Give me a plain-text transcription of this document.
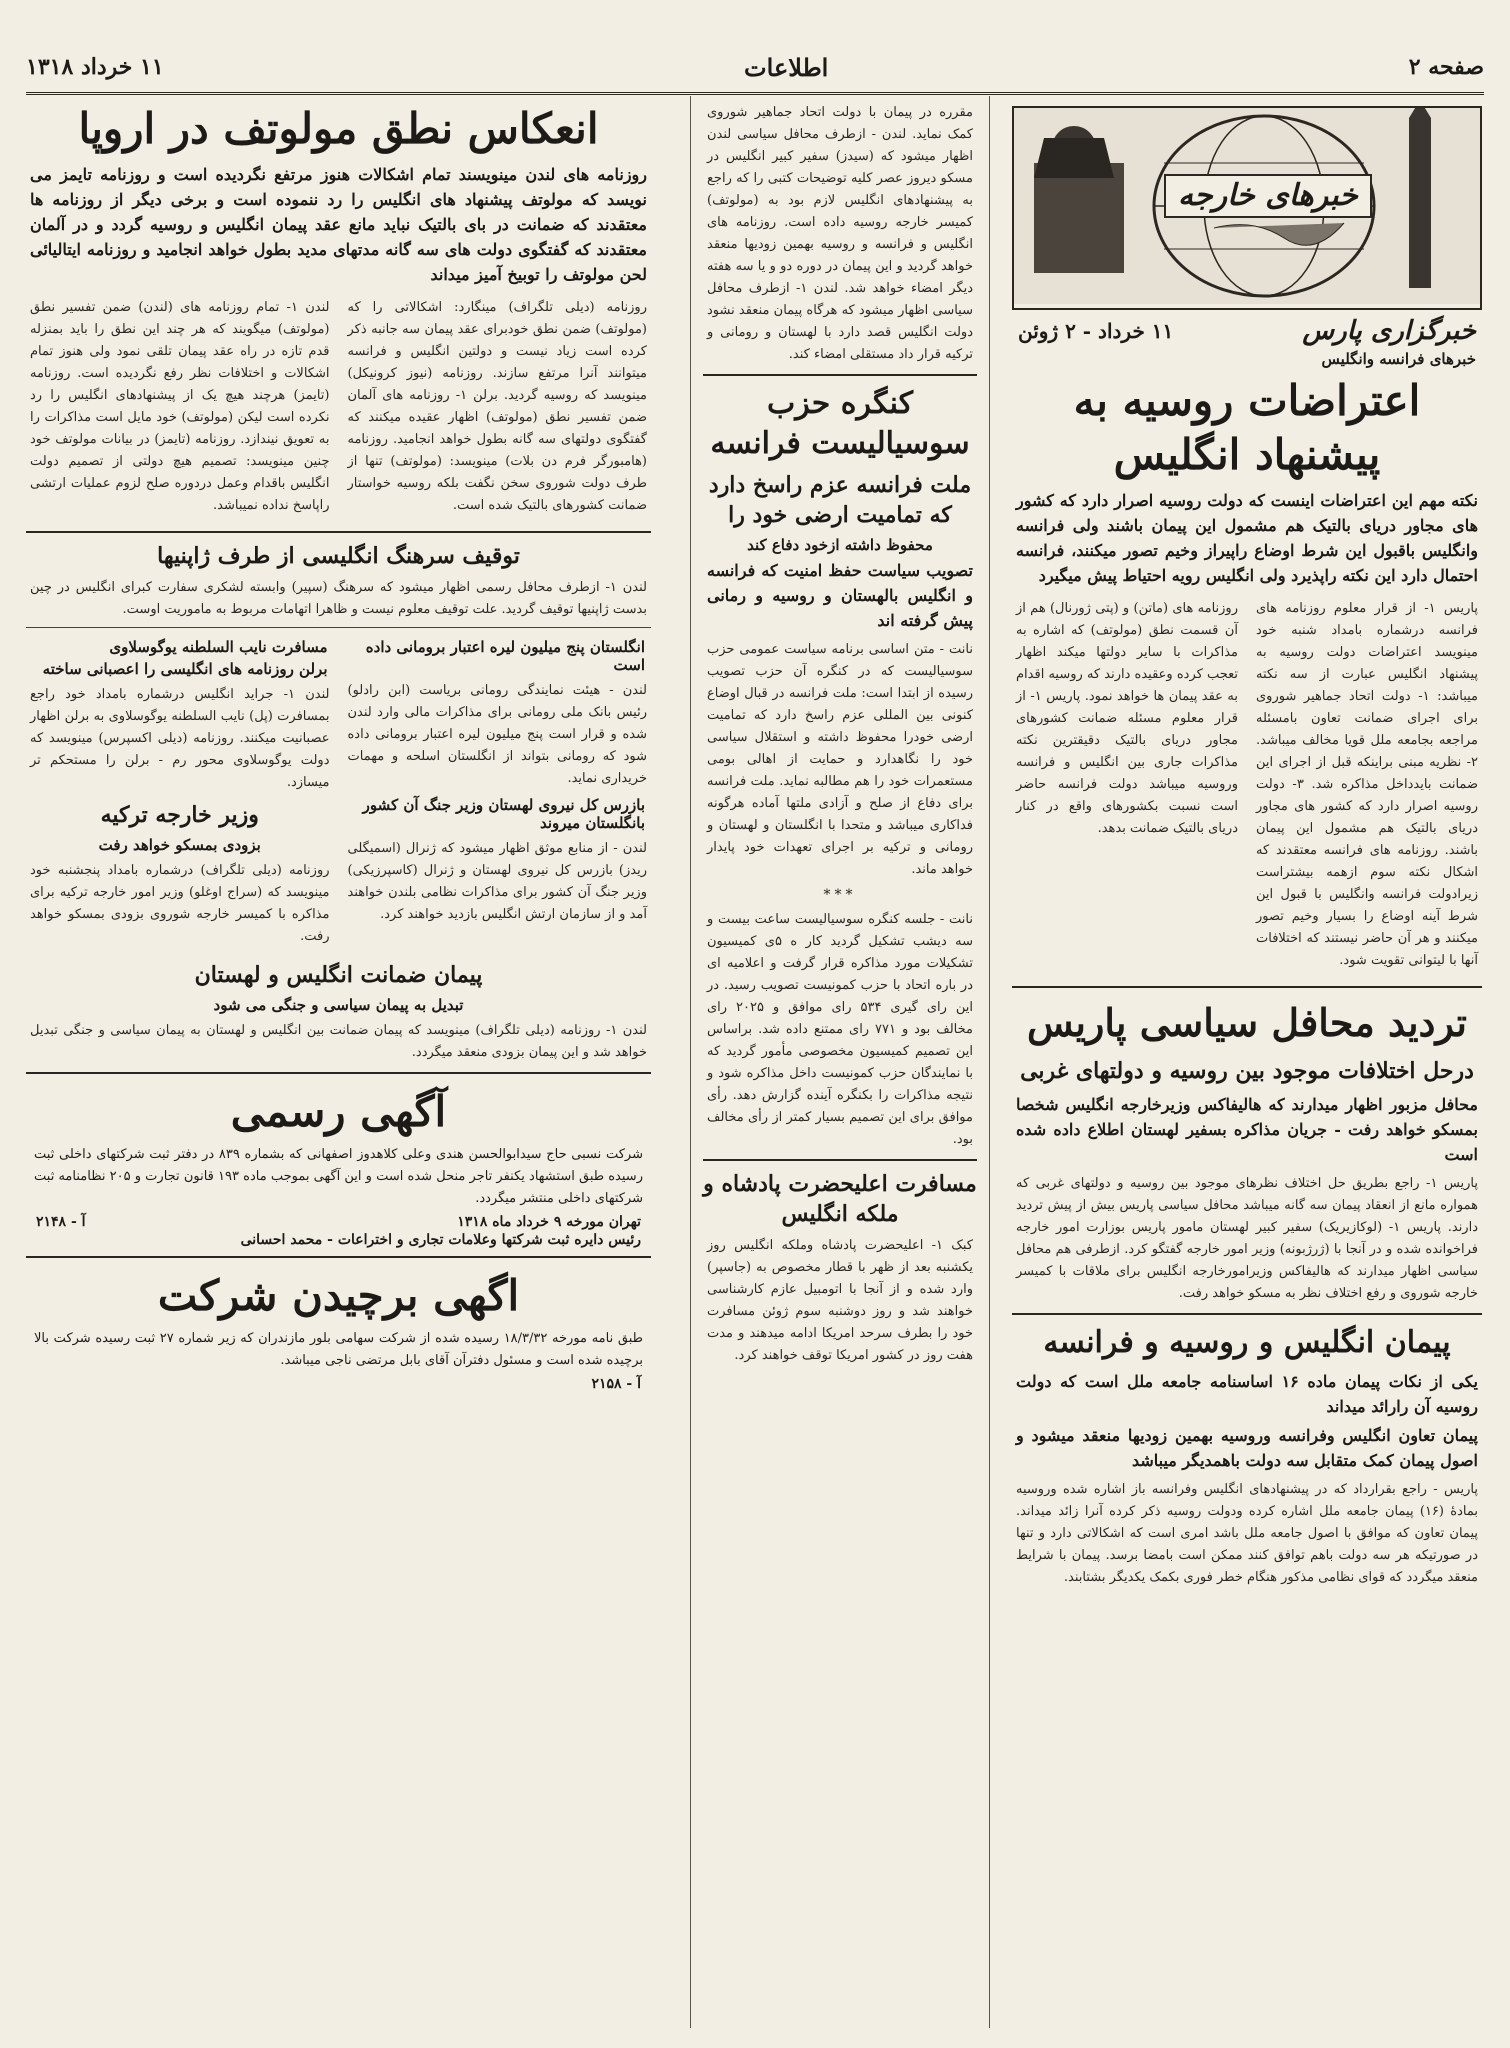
صفحه ۲
اطلاعات
۱۱ خرداد ۱۳۱۸
خبرهای خارجه
خبرگزاری پارس
۱۱ خرداد - ۲ ژوئن
خبرهای فرانسه وانگلیس
اعتراضات روسیه به پیشنهاد انگلیس
نکته مهم این اعتراضات اینست که دولت روسیه اصرار دارد که کشور های مجاور دریای بالتیک هم مشمول این پیمان باشند ولی فرانسه وانگلیس باقبول این شرط اوضاع راپیراز وخیم تصور میکنند، فرانسه احتمال دارد این نکته راپذیرد ولی انگلیس رویه احتیاط پیش میگیرد
پاریس ۱- از قرار معلوم روزنامه های فرانسه درشماره بامداد شنبه خود مینویسد اعتراضات دولت روسیه به پیشنهاد انگلیس عبارت از سه نکته میباشد: ۱- دولت اتحاد جماهیر شوروی برای اجرای ضمانت تعاون بامسئله مراجعه بجامعه ملل قویا مخالف میباشد. ۲- نظریه مبنی براینکه قبل از اجرای این ضمانت بایدداخل مذاکره شد. ۳- دولت روسیه اصرار دارد که کشور های مجاور دریای بالتیک هم مشمول این پیمان باشند. روزنامه های فرانسه معتقدند که اشکال نکته سوم ازهمه بیشتراست زیرادولت فرانسه وانگلیس با قبول این شرط آینه اوضاع را بسیار وخیم تصور میکنند و هر آن حاضر نیستند که اختلافات آنها با لیتوانی تقویت شود.
روزنامه های (ماتن) و (پتی ژورنال) هم از آن قسمت نطق (مولوتف) که اشاره به مذاکرات با سایر دولتها میکند اظهار تعجب کرده وعقیده دارند که روسیه اقدام به عقد پیمان ها خواهد نمود. پاریس ۱- از قرار معلوم مسئله ضمانت کشورهای مجاور دریای بالتیک دقیقترین نکته مذاکرات جاری بین انگلیس و فرانسه وروسیه میباشد دولت فرانسه حاضر است نسبت بکشورهای واقع در کنار دریای بالتیک ضمانت بدهد.
تردید محافل سیاسی پاریس
درحل اختلافات موجود بین روسیه و دولتهای غربی
محافل مزبور اظهار میدارند که هالیفاکس وزیرخارجه انگلیس شخصا بمسکو خواهد رفت - جریان مذاکره بسفیر لهستان اطلاع داده شده است
پاریس ۱- راجع بطریق حل اختلاف نظرهای موجود بین روسیه و دولتهای غربی که همواره مانع از انعقاد پیمان سه گانه میباشد محافل سیاسی پاریس بیش از پیش تردید دارند. پاریس ۱- (لوکازیریک) سفیر کبیر لهستان مامور پاریس بوزارت امور خارجه فراخوانده شده و در آنجا با (ژرژبونه) وزیر امور خارجه گفتگو کرد. ازطرفی هم محافل سیاسی اظهار میدارند که هالیفاکس وزیرامورخارجه انگلیس برای ملاقات با کمیسر خارجه شوروی و رفع اختلاف نظر به مسکو خواهد رفت.
پیمان انگلیس و روسیه و فرانسه
یکی از نکات پیمان ماده ۱۶ اساسنامه جامعه ملل است که دولت روسیه آن رارائد میداند
پیمان تعاون انگلیس وفرانسه وروسیه بهمین زودیها منعقد میشود و اصول پیمان کمک متقابل سه دولت باهمدیگر میباشد
پاریس - راجع بقرارداد که در پیشنهادهای انگلیس وفرانسه باز اشاره شده وروسیه بمادهٔ (۱۶) پیمان جامعه ملل اشاره کرده ودولت روسیه ذکر کرده آنرا زائد میداند. پیمان تعاون که موافق با اصول جامعه ملل باشد امری است که اشکالاتی دارد و تنها در صورتیکه هر سه دولت باهم توافق کنند ممکن است بامضا برسد. پیمان با شرایط منعقد میگردد که قوای نظامی مذکور هنگام خطر فوری بکمک یکدیگر بشتابند.
مقرره در پیمان با دولت اتحاد جماهیر شوروی کمک نماید. لندن - ازطرف محافل سیاسی لندن اظهار میشود که (سیدز) سفیر کبیر انگلیس در مسکو دیروز عصر کلیه توضیحات کتبی را که راجع به پیشنهادهای انگلیس لازم بود به (مولوتف) کمیسر خارجه روسیه داده است. روزنامه های انگلیس و فرانسه و روسیه بهمین زودیها منعقد خواهد گردید و این پیمان در دوره دو و یا سه هفته دیگر امضاء خواهد شد. لندن ۱- ازطرف محافل سیاسی اظهار میشود که هرگاه پیمان منعقد نشود دولت انگلیس قصد دارد با لهستان و رومانی و ترکیه قرار داد مستقلی امضاء کند.
کنگره حزب سوسیالیست فرانسه
ملت فرانسه عزم راسخ دارد که تمامیت ارضی خود را
محفوظ داشته ازخود دفاع کند
تصویب سیاست حفظ امنیت که فرانسه و انگلیس بالهستان و روسیه و رمانی پیش گرفته اند
نانت - متن اساسی برنامه سیاست عمومی حزب سوسیالیست که در کنگره آن حزب تصویب رسیده از ابتدا است: ملت فرانسه در قبال اوضاع کنونی بین المللی عزم راسخ دارد که تمامیت ارضی خودرا محفوظ داشته و استقلال سیاسی خود را نگاهدارد و حمایت از اهالی بومی مستعمرات خود را هم مطالبه نماید. ملت فرانسه برای دفاع از صلح و آزادی ملتها آماده هرگونه فداکاری میباشد و متحدا با انگلستان و لهستان و رومانی و ترکیه بر اجرای تعهدات خود پایدار خواهد ماند.
***
نانت - جلسه کنگره سوسیالیست ساعت بیست و سه دیشب تشکیل گردید کار ه ۵ی کمیسیون تشکیلات مورد مذاکره قرار گرفت و اعلامیه ای در باره اتحاد با حزب کمونیست تصویب رسید. در این رای گیری ۵۳۴ رای موافق و ۲۰۲۵ رای مخالف بود و ۷۷۱ رای ممتنع داده شد. براساس این تصمیم کمیسیون مخصوصی مأمور گردید که با نمایندگان حزب کمونیست داخل مذاکره شود و نتیجه مذاکرات را بکنگره آینده گزارش دهد. رأی موافق برای این تصمیم بسیار کمتر از رأی مخالف بود.
مسافرت اعلیحضرت پادشاه و ملکه انگلیس
کبک ۱- اعلیحضرت پادشاه وملکه انگلیس روز یکشنبه بعد از ظهر با قطار مخصوص به (جاسپر) وارد شده و از آنجا با اتومبیل عازم کارشناسی خواهند شد و روز دوشنبه سوم ژوئن مسافرت خود را بطرف سرحد امریکا ادامه میدهند و مدت هفت روز در کشور امریکا توقف خواهند کرد.
انعکاس نطق مولوتف در اروپا
روزنامه های لندن مینویسند تمام اشکالات هنوز مرتفع نگردیده است و روزنامه تایمز می نویسد که مولوتف پیشنهاد های انگلیس را رد ننموده است و برخی دیگر از روزنامه ها معتقدند که ضمانت در بای بالتیک نباید مانع عقد پیمان انگلیس و روسیه گردد و در آلمان معتقدند که گفتگوی دولت های سه گانه مدتهای مدید بطول خواهد انجامید و روزنامه ایتالیائی لحن مولوتف را توبیخ آمیز میداند
روزنامه (دیلی تلگراف) مینگارد: اشکالاتی را که (مولوتف) ضمن نطق خودبرای عقد پیمان سه جانبه ذکر کرده است زیاد نیست و دولتین انگلیس و فرانسه میتوانند آنرا مرتفع سازند. روزنامه (نیوز کرونیکل) مینویسد که روسیه گردید. برلن ۱- روزنامه های آلمان ضمن تفسیر نطق (مولوتف) اظهار عقیده میکنند که گفتگوی دولتهای سه گانه بطول خواهد انجامید. روزنامه (هامبورگر فرم دن بلات) مینویسد: (مولوتف) تنها از طرف دولت شوروی سخن نگفت بلکه روسیه خواستار ضمانت کشورهای بالتیک شده است.
لندن ۱- تمام روزنامه های (لندن) ضمن تفسیر نطق (مولوتف) میگویند که هر چند این نطق را باید بمنزله قدم تازه در راه عقد پیمان تلقی نمود ولی هنوز تمام اشکالات و اختلافات نظر رفع نگردیده است. روزنامه (تایمز) هرچند هیچ یک از پیشنهادهای انگلیس را رد نکرده است لیکن (مولوتف) خود مایل است مذاکرات را به تعویق نیندازد. روزنامه (تایمز) در بیانات مولوتف خود چنین مینویسد: تصمیم هیچ دولتی از تصمیم دولت انگلیس باقدام وعمل دردوره صلح لزوم عملیات ارتشی راپاسخ نداده نمیباشد.
توقیف سرهنگ انگلیسی از طرف ژاپنیها
لندن ۱- ازطرف محافل رسمی اظهار میشود که سرهنگ (سپیر) وابسته لشکری سفارت کبرای انگلیس در چین بدست ژاپنیها توقیف گردید. علت توقیف معلوم نیست و ظاهرا اتهامات مربوط به ماموریت اوست.
انگلستان پنج میلیون لیره اعتبار برومانی داده است
لندن - هیئت نمایندگی رومانی بریاست (ابن رادلو) رئیس بانک ملی رومانی برای مذاکرات مالی وارد لندن شده و قرار است پنج میلیون لیره اعتبار برومانی داده شود که رومانی بتواند از انگلستان اسلحه و مهمات خریداری نماید.
بازرس کل نیروی لهستان وزیر جنگ آن کشور بانگلستان میروند
لندن - از منابع موثق اظهار میشود که ژنرال (اسمیگلی ریدز) بازرس کل نیروی لهستان و ژنرال (کاسپرزیکی) وزیر جنگ آن کشور برای مذاکرات نظامی بلندن خواهند آمد و از سازمان ارتش انگلیس بازدید خواهند کرد.
مسافرت نایب السلطنه یوگوسلاوی
برلن روزنامه های انگلیسی را اعصبانی ساخته
لندن ۱- جراید انگلیس درشماره بامداد خود راجع بمسافرت (پل) نایب السلطنه یوگوسلاوی به برلن اظهار عصبانیت میکنند. روزنامه (دیلی اکسپرس) مینویسد که دولت یوگوسلاوی محور رم - برلن را مستحکم تر میسازد.
وزیر خارجه ترکیه
بزودی بمسکو خواهد رفت
روزنامه (دیلی تلگراف) درشماره بامداد پنجشنبه خود مینویسد که (سراج اوغلو) وزیر امور خارجه ترکیه برای مذاکره با کمیسر خارجه شوروی بزودی بمسکو خواهد رفت.
پیمان ضمانت انگلیس و لهستان
تبدیل به پیمان سیاسی و جنگی می شود
لندن ۱- روزنامه (دیلی تلگراف) مینویسد که پیمان ضمانت بین انگلیس و لهستان به پیمان سیاسی و جنگی تبدیل خواهد شد و این پیمان بزودی منعقد میگردد.
آگهی رسمی
شرکت نسبی حاج سیدابوالحسن هندی وعلی کلاهدوز اصفهانی که بشماره ۸۳۹ در دفتر ثبت شرکتهای داخلی ثبت رسیده طبق استشهاد یکنفر تاجر منحل شده است و این آگهی بموجب ماده ۱۹۳ قانون تجارت و ۲۰۵ نظامنامه ثبت شرکتهای داخلی منتشر میگردد.
تهران مورخه ۹ خرداد ماه ۱۳۱۸
آ - ۲۱۴۸
رئیس دایره ثبت شرکتها وعلامات تجاری و اختراعات - محمد احسانی
اگهی برچیدن شرکت
طبق نامه مورخه ۱۸/۳/۳۲ رسیده شده از شرکت سهامی بلور مازندران که زیر شماره ۲۷ ثبت رسیده شرکت بالا برچیده شده است و مسئول دفترآن آقای بابل مرتضی ناجی میباشد.
آ - ۲۱۵۸
